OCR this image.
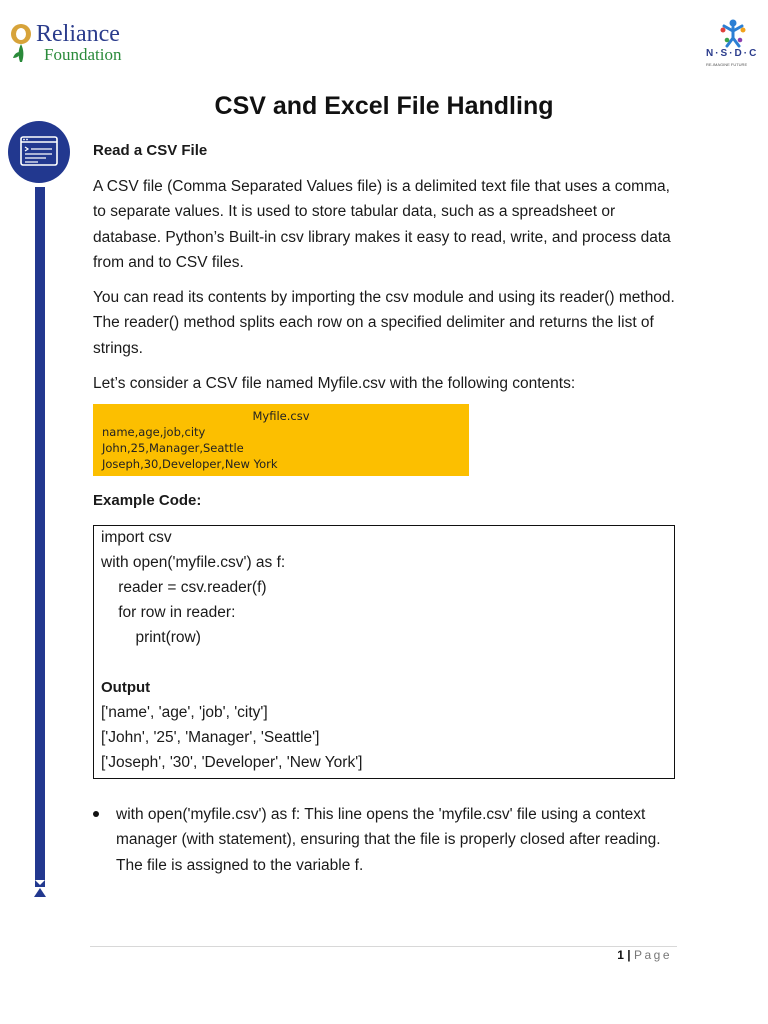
Reliance
Foundation	N·S·D·C
RE-IMAGINE FUTURE
CSV and Excel File Handling
Read a CSV File
A CSV file (Comma Separated Values file) is a delimited text file that uses a comma, to separate values. It is used to store tabular data, such as a spreadsheet or database. Python’s Built-in csv library makes it easy to read, write, and process data from and to CSV files.
You can read its contents by importing the csv module and using its reader() method. The reader() method splits each row on a specified delimiter and returns the list of strings.
Let’s consider a CSV file named Myfile.csv with the following contents:
Myfile.csv
name,age,job,city
John,25,Manager,Seattle
Joseph,30,Developer,New York
Example Code:
import csv
with open('myfile.csv') as f:
reader = csv.reader(f)
for row in reader:
print(row)
Output
['name', 'age', 'job', 'city']
['John', '25', 'Manager', 'Seattle']
['Joseph', '30', 'Developer', 'New York']
with open('myfile.csv') as f: This line opens the 'myfile.csv' file using a context manager (with statement), ensuring that the file is properly closed after reading. The file is assigned to the variable f.
1 | Page
